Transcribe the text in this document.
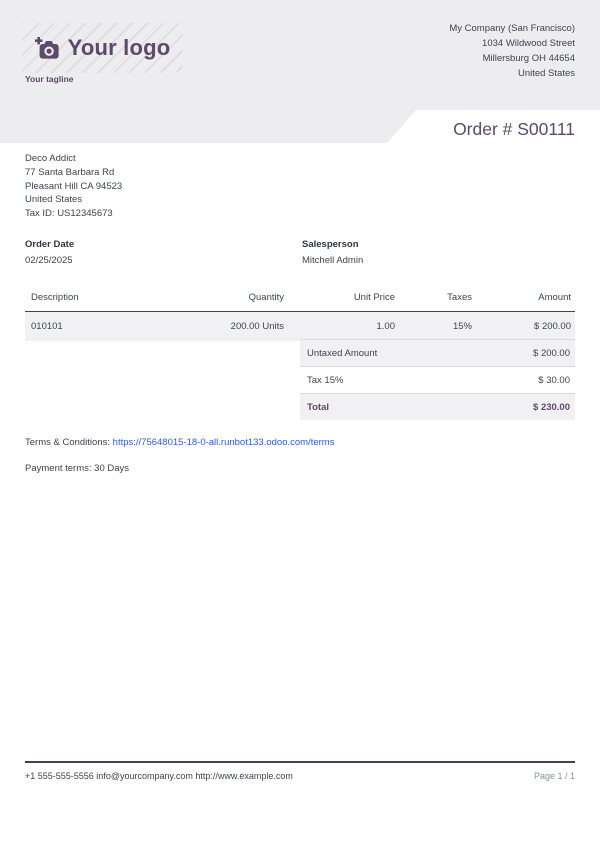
Your logo
Your tagline
My Company (San Francisco)
1034 Wildwood Street
Millersburg OH 44654
United States
Order # S00111
Deco Addict
77 Santa Barbara Rd
Pleasant Hill CA 94523
United States
Tax ID: US12345673
Order Date
02/25/2025
Salesperson
Mitchell Admin
Description	Quantity	Unit Price	Taxes	Amount
010101	200.00 Units	1.00	15%	$ 200.00
Untaxed Amount	$ 200.00
Tax 15%	$ 30.00
Total	$ 230.00
Terms & Conditions: https://75648015-18-0-all.runbot133.odoo.com/terms
Payment terms: 30 Days
+1 555-555-5556 info@yourcompany.com http://www.example.com	Page 1 / 1
